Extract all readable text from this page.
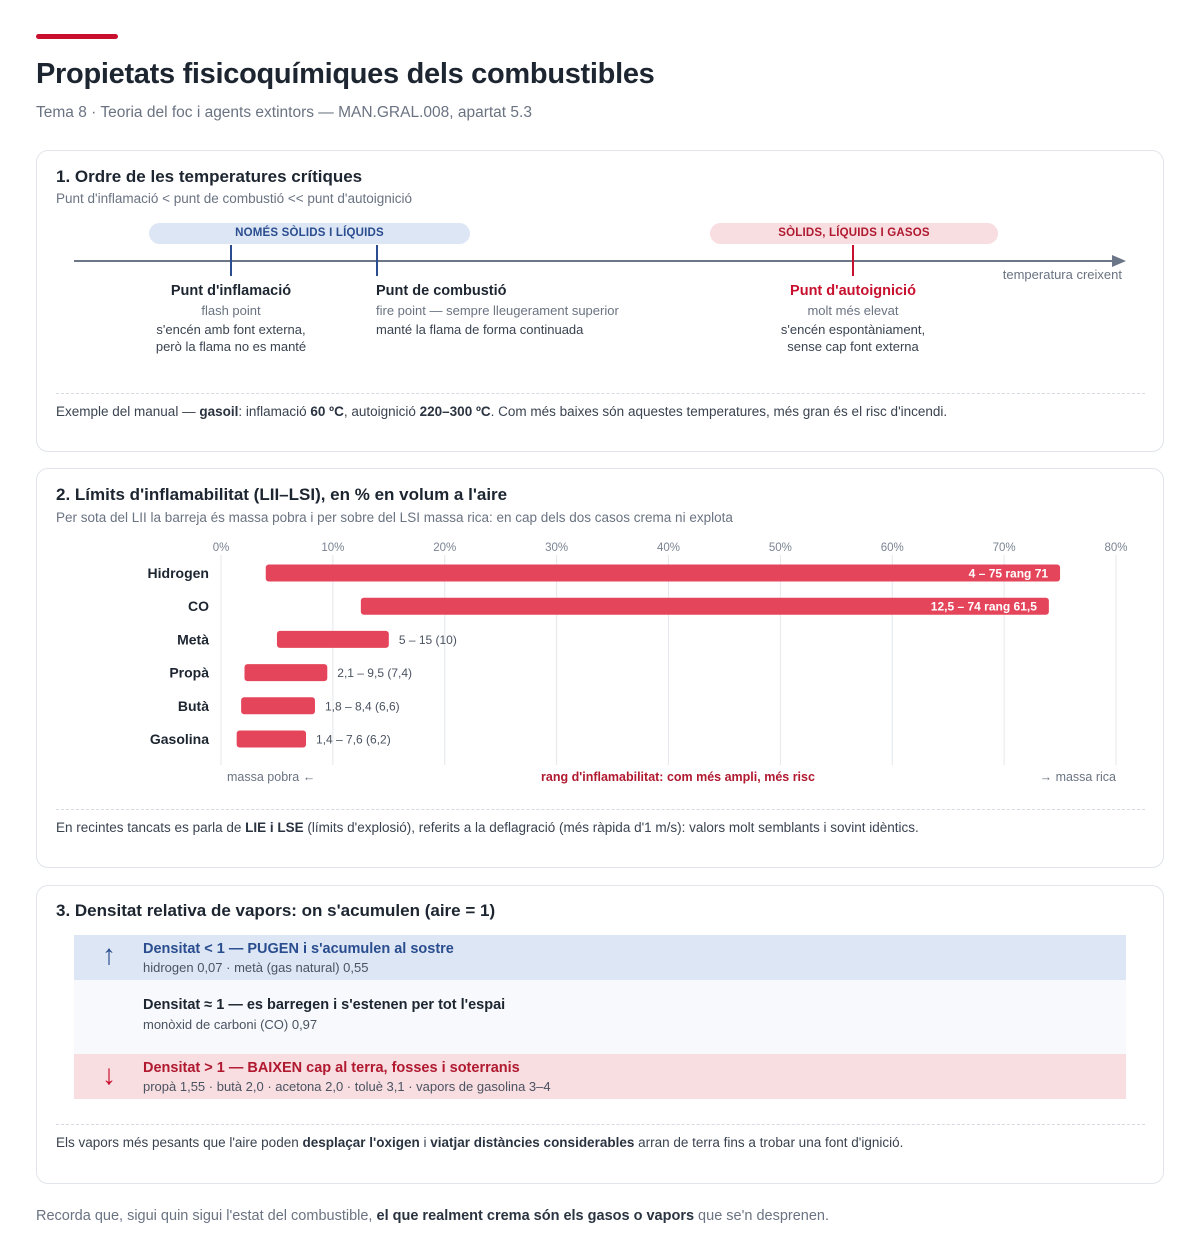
Propietats fisicoquímiques dels combustibles
Tema 8 · Teoria del foc i agents extintors — MAN.GRAL.008, apartat 5.3
1. Ordre de les temperatures crítiques
Punt d'inflamació < punt de combustió << punt d'autoignició
NOMÉS SÒLIDS I LÍQUIDS	SÒLIDS, LÍQUIDS I GASOS
temperatura creixent
Punt d'inflamació
flash point
s'encén amb font externa,
però la flama no es manté
Punt de combustió
fire point — sempre lleugerament superior
manté la flama de forma continuada
Punt d'autoignició
molt més elevat
s'encén espontàniament,
sense cap font externa
Exemple del manual — gasoil: inflamació 60 ºC, autoignició 220–300 ºC. Com més baixes són aquestes temperatures, més gran és el risc d'incendi.
2. Límits d'inflamabilitat (LII–LSI), en % en volum a l'aire
Per sota del LII la barreja és massa pobra i per sobre del LSI massa rica: en cap dels dos casos crema ni explota
0%	10%	20%	30%	40%	50%	60%	70%	80%
Hidrogen	4 – 75 rang 71
CO	12,5 – 74 rang 61,5
Metà	5 – 15 (10)
Propà	2,1 – 9,5 (7,4)
Butà	1,8 – 8,4 (6,6)
Gasolina	1,4 – 7,6 (6,2)
massa pobra ←	rang d'inflamabilitat: com més ampli, més risc	→ massa rica
En recintes tancats es parla de LIE i LSE (límits d'explosió), referits a la deflagració (més ràpida d'1 m/s): valors molt semblants i sovint idèntics.
3. Densitat relativa de vapors: on s'acumulen (aire = 1)
↑ Densitat < 1 — PUGEN i s'acumulen al sostre
hidrogen 0,07 · metà (gas natural) 0,55
Densitat ≈ 1 — es barregen i s'estenen per tot l'espai
monòxid de carboni (CO) 0,97
↓ Densitat > 1 — BAIXEN cap al terra, fosses i soterranis
propà 1,55 · butà 2,0 · acetona 2,0 · toluè 3,1 · vapors de gasolina 3–4
Els vapors més pesants que l'aire poden desplaçar l'oxigen i viatjar distàncies considerables arran de terra fins a trobar una font d'ignició.
Recorda que, sigui quin sigui l'estat del combustible, el que realment crema són els gasos o vapors que se'n desprenen.
